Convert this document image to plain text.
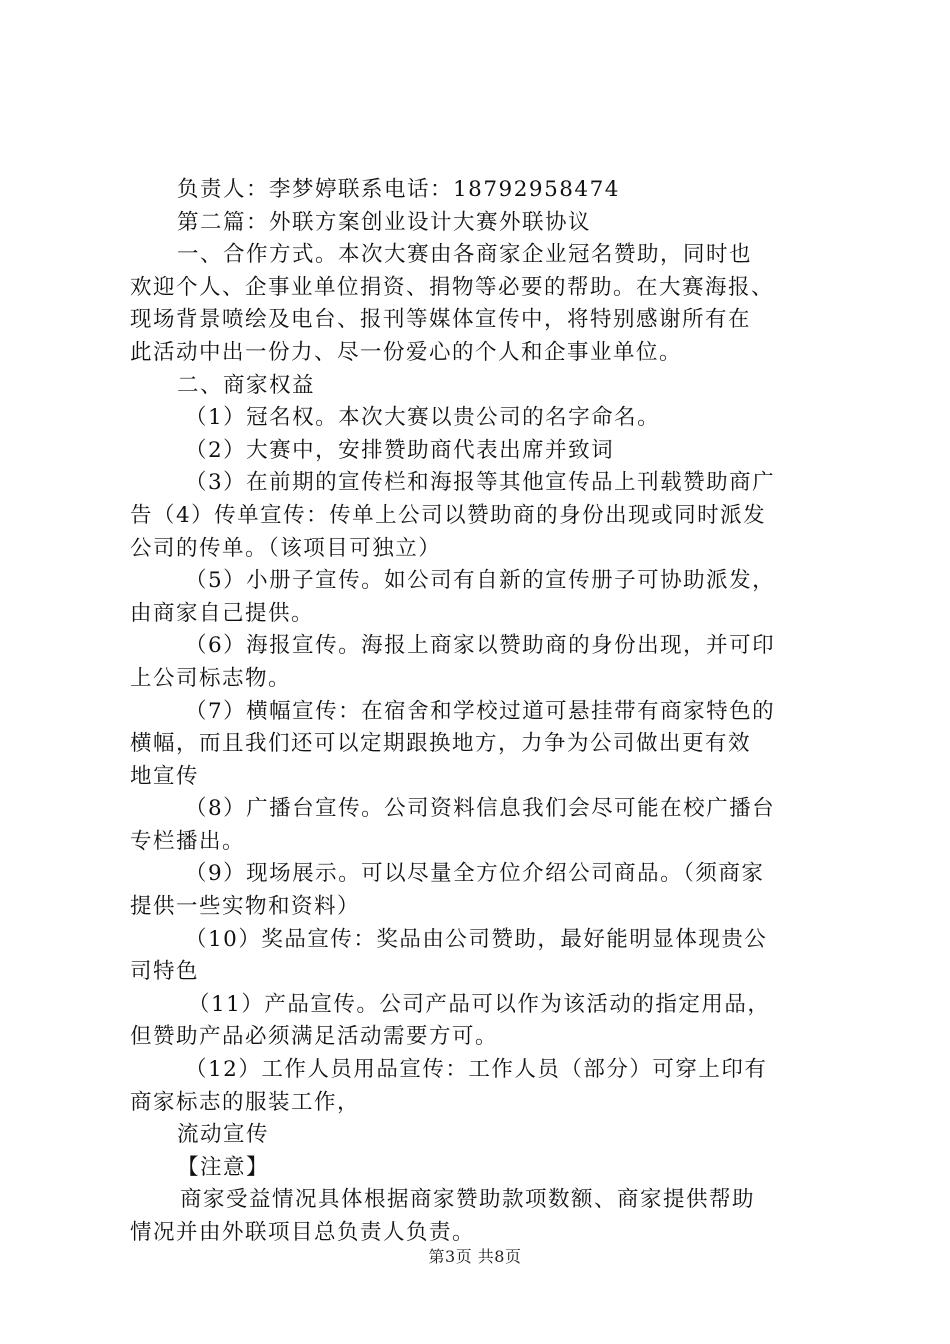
负责人：李梦婷联系电话：18792958474
第二篇：外联方案创业设计大赛外联协议
一、合作方式。本次大赛由各商家企业冠名赞助，同时也
欢迎个人、企事业单位捐资、捐物等必要的帮助。在大赛海报、
现场背景喷绘及电台、报刊等媒体宣传中，将特别感谢所有在
此活动中出一份力、尽一份爱心的个人和企事业单位。
二、商家权益
（1）冠名权。本次大赛以贵公司的名字命名。
（2）大赛中，安排赞助商代表出席并致词
（3）在前期的宣传栏和海报等其他宣传品上刊载赞助商广
告（4）传单宣传：传单上公司以赞助商的身份出现或同时派发
公司的传单。（该项目可独立）
（5）小册子宣传。如公司有自新的宣传册子可协助派发，
由商家自己提供。
（6）海报宣传。海报上商家以赞助商的身份出现，并可印
上公司标志物。
（7）横幅宣传：在宿舍和学校过道可悬挂带有商家特色的
横幅，而且我们还可以定期跟换地方，力争为公司做出更有效
地宣传
（8）广播台宣传。公司资料信息我们会尽可能在校广播台
专栏播出。
（9）现场展示。可以尽量全方位介绍公司商品。（须商家
提供一些实物和资料）
（10）奖品宣传：奖品由公司赞助，最好能明显体现贵公
司特色
（11）产品宣传。公司产品可以作为该活动的指定用品，
但赞助产品必须满足活动需要方可。
（12）工作人员用品宣传：工作人员（部分）可穿上印有
商家标志的服装工作，
流动宣传
【注意】
商家受益情况具体根据商家赞助款项数额、商家提供帮助
情况并由外联项目总负责人负责。
第3页 共8页
